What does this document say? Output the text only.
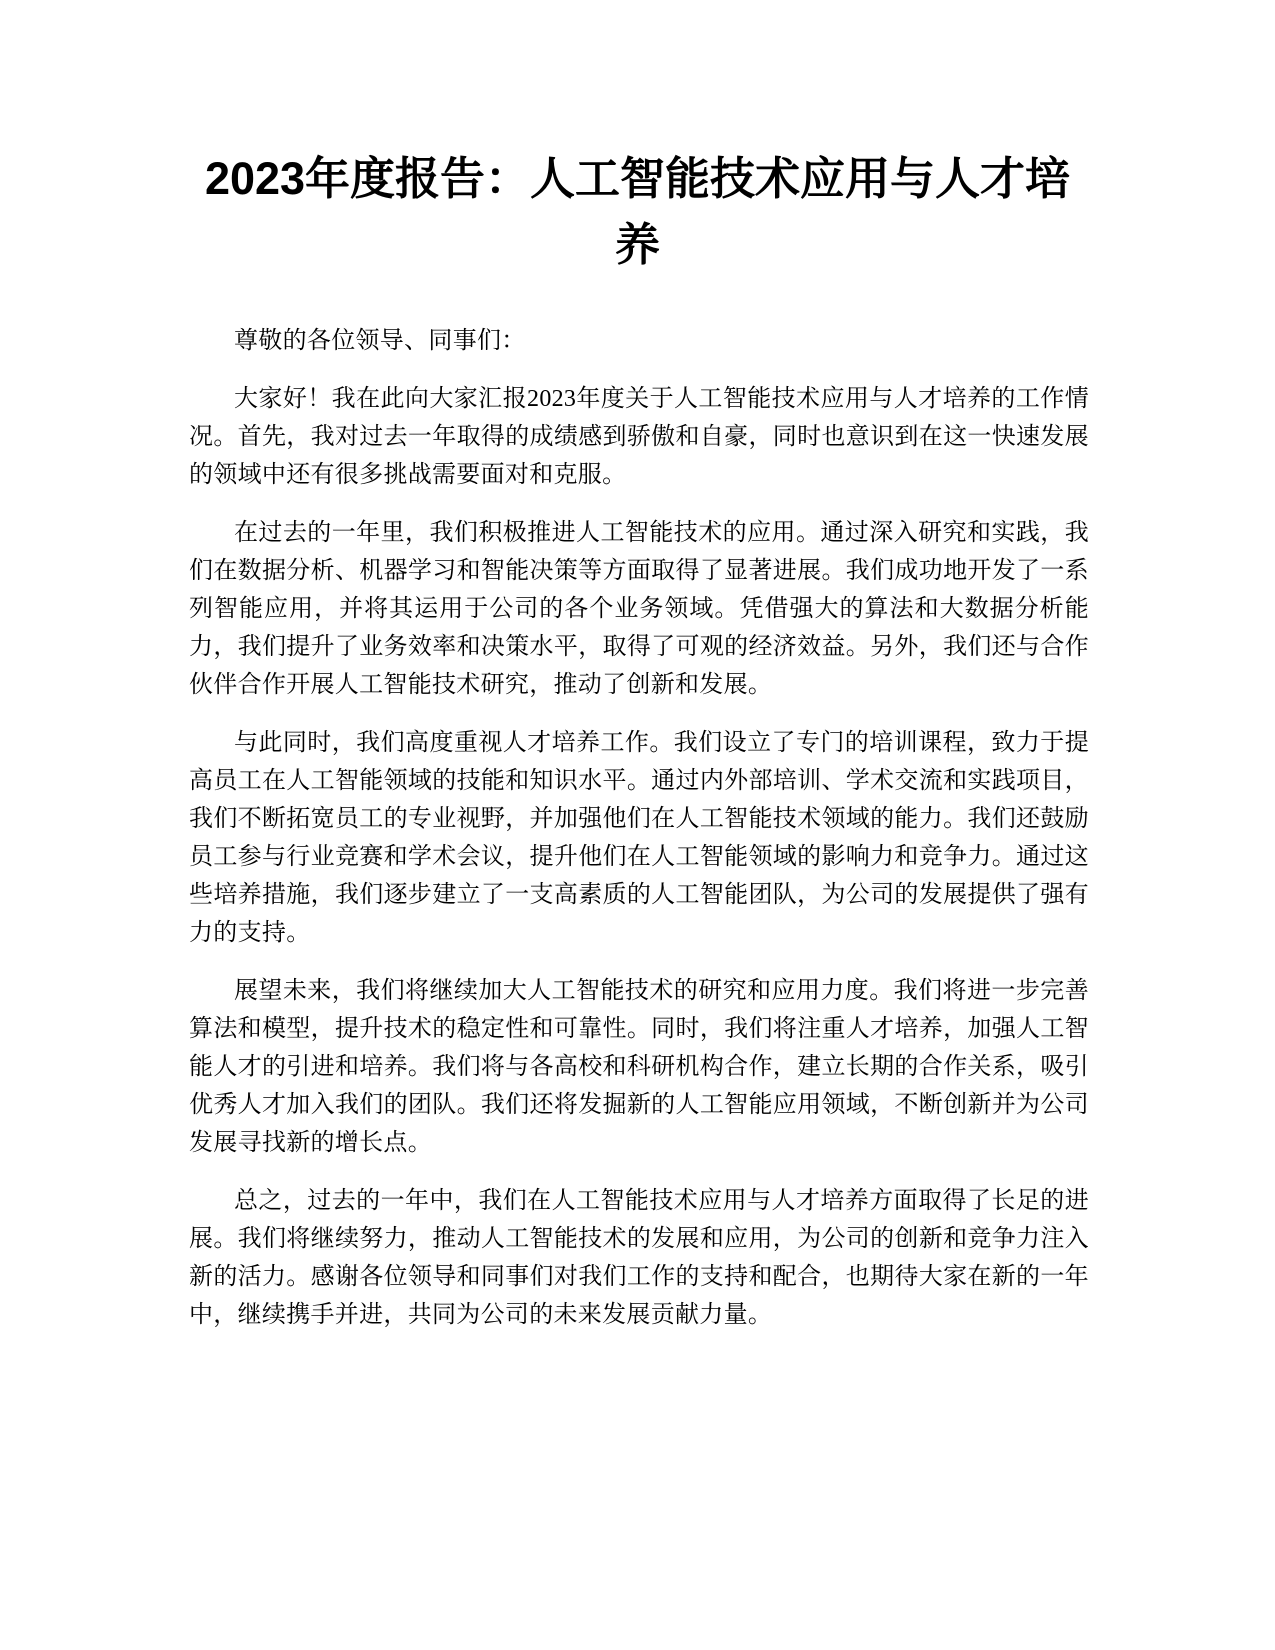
2023年度报告：人工智能技术应用与人才培养

尊敬的各位领导、同事们：

大家好！我在此向大家汇报2023年度关于人工智能技术应用与人才培养的工作情况。首先，我对过去一年取得的成绩感到骄傲和自豪，同时也意识到在这一快速发展的领域中还有很多挑战需要面对和克服。

在过去的一年里，我们积极推进人工智能技术的应用。通过深入研究和实践，我们在数据分析、机器学习和智能决策等方面取得了显著进展。我们成功地开发了一系列智能应用，并将其运用于公司的各个业务领域。凭借强大的算法和大数据分析能力，我们提升了业务效率和决策水平，取得了可观的经济效益。另外，我们还与合作伙伴合作开展人工智能技术研究，推动了创新和发展。

与此同时，我们高度重视人才培养工作。我们设立了专门的培训课程，致力于提高员工在人工智能领域的技能和知识水平。通过内外部培训、学术交流和实践项目，我们不断拓宽员工的专业视野，并加强他们在人工智能技术领域的能力。我们还鼓励员工参与行业竞赛和学术会议，提升他们在人工智能领域的影响力和竞争力。通过这些培养措施，我们逐步建立了一支高素质的人工智能团队，为公司的发展提供了强有力的支持。

展望未来，我们将继续加大人工智能技术的研究和应用力度。我们将进一步完善算法和模型，提升技术的稳定性和可靠性。同时，我们将注重人才培养，加强人工智能人才的引进和培养。我们将与各高校和科研机构合作，建立长期的合作关系，吸引优秀人才加入我们的团队。我们还将发掘新的人工智能应用领域，不断创新并为公司发展寻找新的增长点。

总之，过去的一年中，我们在人工智能技术应用与人才培养方面取得了长足的进展。我们将继续努力，推动人工智能技术的发展和应用，为公司的创新和竞争力注入新的活力。感谢各位领导和同事们对我们工作的支持和配合，也期待大家在新的一年中，继续携手并进，共同为公司的未来发展贡献力量。
